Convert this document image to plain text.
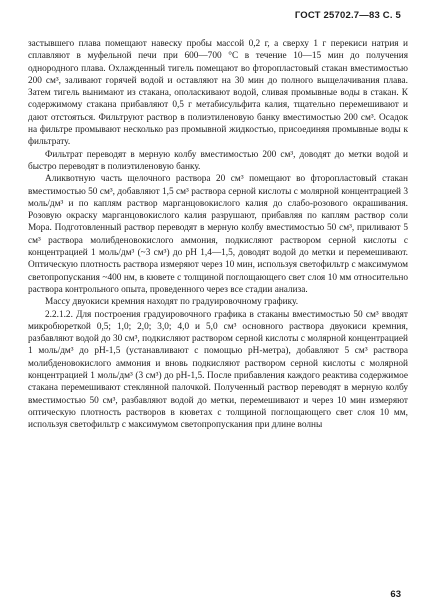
ГОСТ 25702.7—83 С. 5

застывшего плава помещают навеску пробы массой 0,2 г, а сверху 1 г перекиси натрия и сплавляют в муфельной печи при 600—700 °С в течение 10—15 мин до получения однородного плава. Охлажденный тигель помещают во фторопластовый стакан вместимостью 200 см³, заливают горячей водой и оставляют на 30 мин до полного выщелачивания плава. Затем тигель вынимают из стакана, ополаскивают водой, сливая промывные воды в стакан. К содержимому стакана прибавляют 0,5 г метабисульфита калия, тщательно перемешивают и дают отстояться. Фильтруют раствор в полиэтиленовую банку вместимостью 200 см³. Осадок на фильтре промывают несколько раз промывной жидкостью, присоединяя промывные воды к фильтрату.

Фильтрат переводят в мерную колбу вместимостью 200 см³, доводят до метки водой и быстро переводят в полиэтиленовую банку.

Аликвотную часть щелочного раствора 20 см³ помещают во фторопластовый стакан вместимостью 50 см³, добавляют 1,5 см³ раствора серной кислоты с молярной концентрацией 3 моль/дм³ и по каплям раствор марганцовокислого калия до слабо-розового окрашивания. Розовую окраску марганцовокислого калия разрушают, прибавляя по каплям раствор соли Мора. Подготовленный раствор переводят в мерную колбу вместимостью 50 см³, приливают 5 см³ раствора молибденовокислого аммония, подкисляют раствором серной кислоты с концентрацией 1 моль/дм³ (~3 см³) до рН 1,4—1,5, доводят водой до метки и перемешивают. Оптическую плотность раствора измеряют через 10 мин, используя светофильтр с максимумом светопропускания ~400 нм, в кювете с толщиной поглощающего свет слоя 10 мм относительно раствора контрольного опыта, проведенного через все стадии анализа.

Массу двуокиси кремния находят по градуировочному графику.

2.2.1.2. Для построения градуировочного графика в стаканы вместимостью 50 см³ вводят микробюреткой 0,5; 1,0; 2,0; 3,0; 4,0 и 5,0 см³ основного раствора двуокиси кремния, разбавляют водой до 30 см³, подкисляют раствором серной кислоты с молярной концентрацией 1 моль/дм³ до рН-1,5 (устанавливают с помощью рН-метра), добавляют 5 см³ раствора молибденовокислого аммония и вновь подкисляют раствором серной кислоты с молярной концентрацией 1 моль/дм³ (3 см³) до рН-1,5. После прибавления каждого реактива содержимое стакана перемешивают стеклянной палочкой. Полученный раствор переводят в мерную колбу вместимостью 50 см³, разбавляют водой до метки, перемешивают и через 10 мин измеряют оптическую плотность растворов в кюветах с толщиной поглощающего свет слоя 10 мм, используя светофильтр с максимумом светопропускания при длине волны

63
